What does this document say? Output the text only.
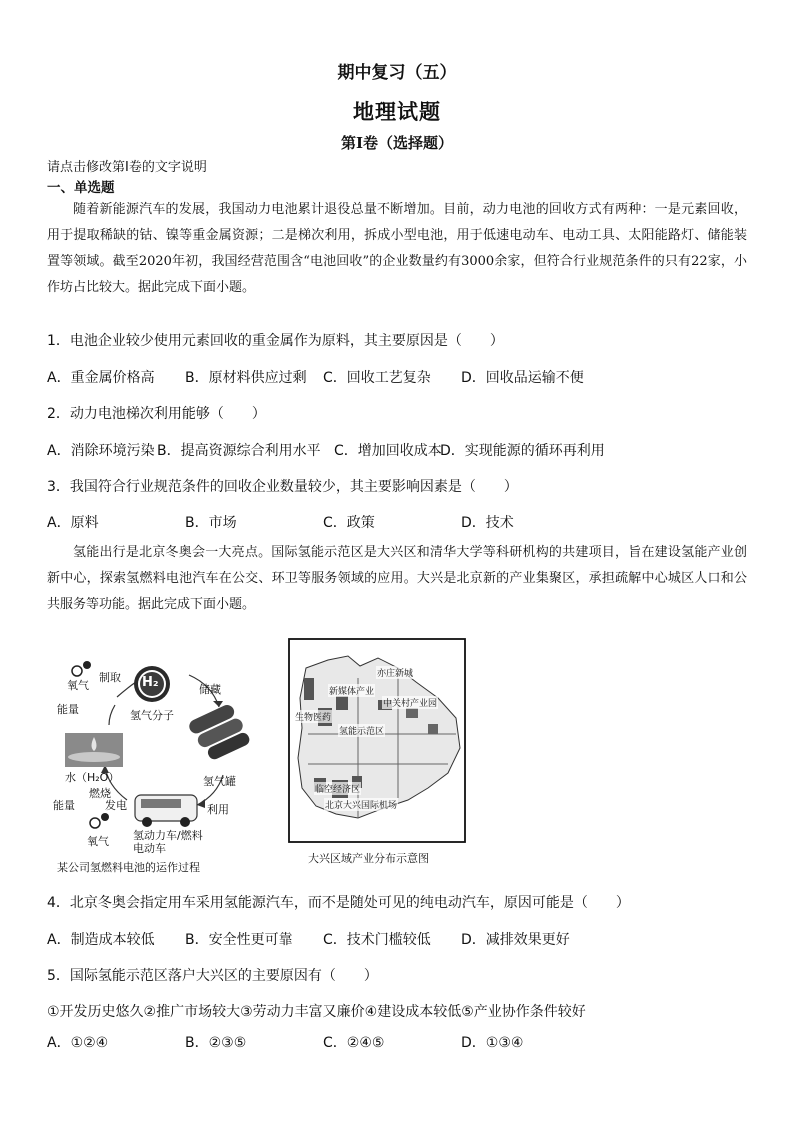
期中复习（五）
地理试题
第I卷（选择题）
请点击修改第I卷的文字说明
一、单选题
随着新能源汽车的发展，我国动力电池累计退役总量不断增加。目前，动力电池的回收方式有两种：一是元素回收，用于提取稀缺的钴、镍等重金属资源；二是梯次利用，拆成小型电池，用于低速电动车、电动工具、太阳能路灯、储能装置等领域。截至2020年初，我国经营范围含“电池回收”的企业数量约有3000余家，但符合行业规范条件的只有22家，小作坊占比较大。据此完成下面小题。
1．电池企业较少使用元素回收的重金属作为原料，其主要原因是（　　）
A．重金属价格高 B．原材料供应过剩 C．回收工艺复杂 D．回收品运输不便
2．动力电池梯次利用能够（　　）
A．消除环境污染 B．提高资源综合利用水平 C．增加回收成本D．实现能源的循环再利用
3．我国符合行业规范条件的回收企业数量较少，其主要影响因素是（　　）
A．原料	B．市场	C．政策	D．技术
氢能出行是北京冬奥会一大亮点。国际氢能示范区是大兴区和清华大学等科研机构的共建项目，旨在建设氢能产业创新中心，探索氢燃料电池汽车在公交、环卫等服务领域的应用。大兴是北京新的产业集聚区，承担疏解中心城区人口和公共服务等功能。据此完成下面小题。
氧气
制取
储藏
能量
H₂
氢气分子
水（H₂O）	氢气罐
燃烧
发电
能量	利用
氢动力车/燃料电动车
氧气
某公司氢燃料电池的运作过程
亦庄新城
新媒体产业
中关村产业园
生物医药
氢能示范区
临空经济区
北京大兴国际机场
大兴区域产业分布示意图
4．北京冬奥会指定用车采用氢能源汽车，而不是随处可见的纯电动汽车，原因可能是（　　）
A．制造成本较低 B．安全性更可靠 C．技术门槛较低 D．减排效果更好
5．国际氢能示范区落户大兴区的主要原因有（　　）
①开发历史悠久②推广市场较大③劳动力丰富又廉价④建设成本较低⑤产业协作条件较好
A．①②④	B．②③⑤	C．②④⑤	D．①③④
